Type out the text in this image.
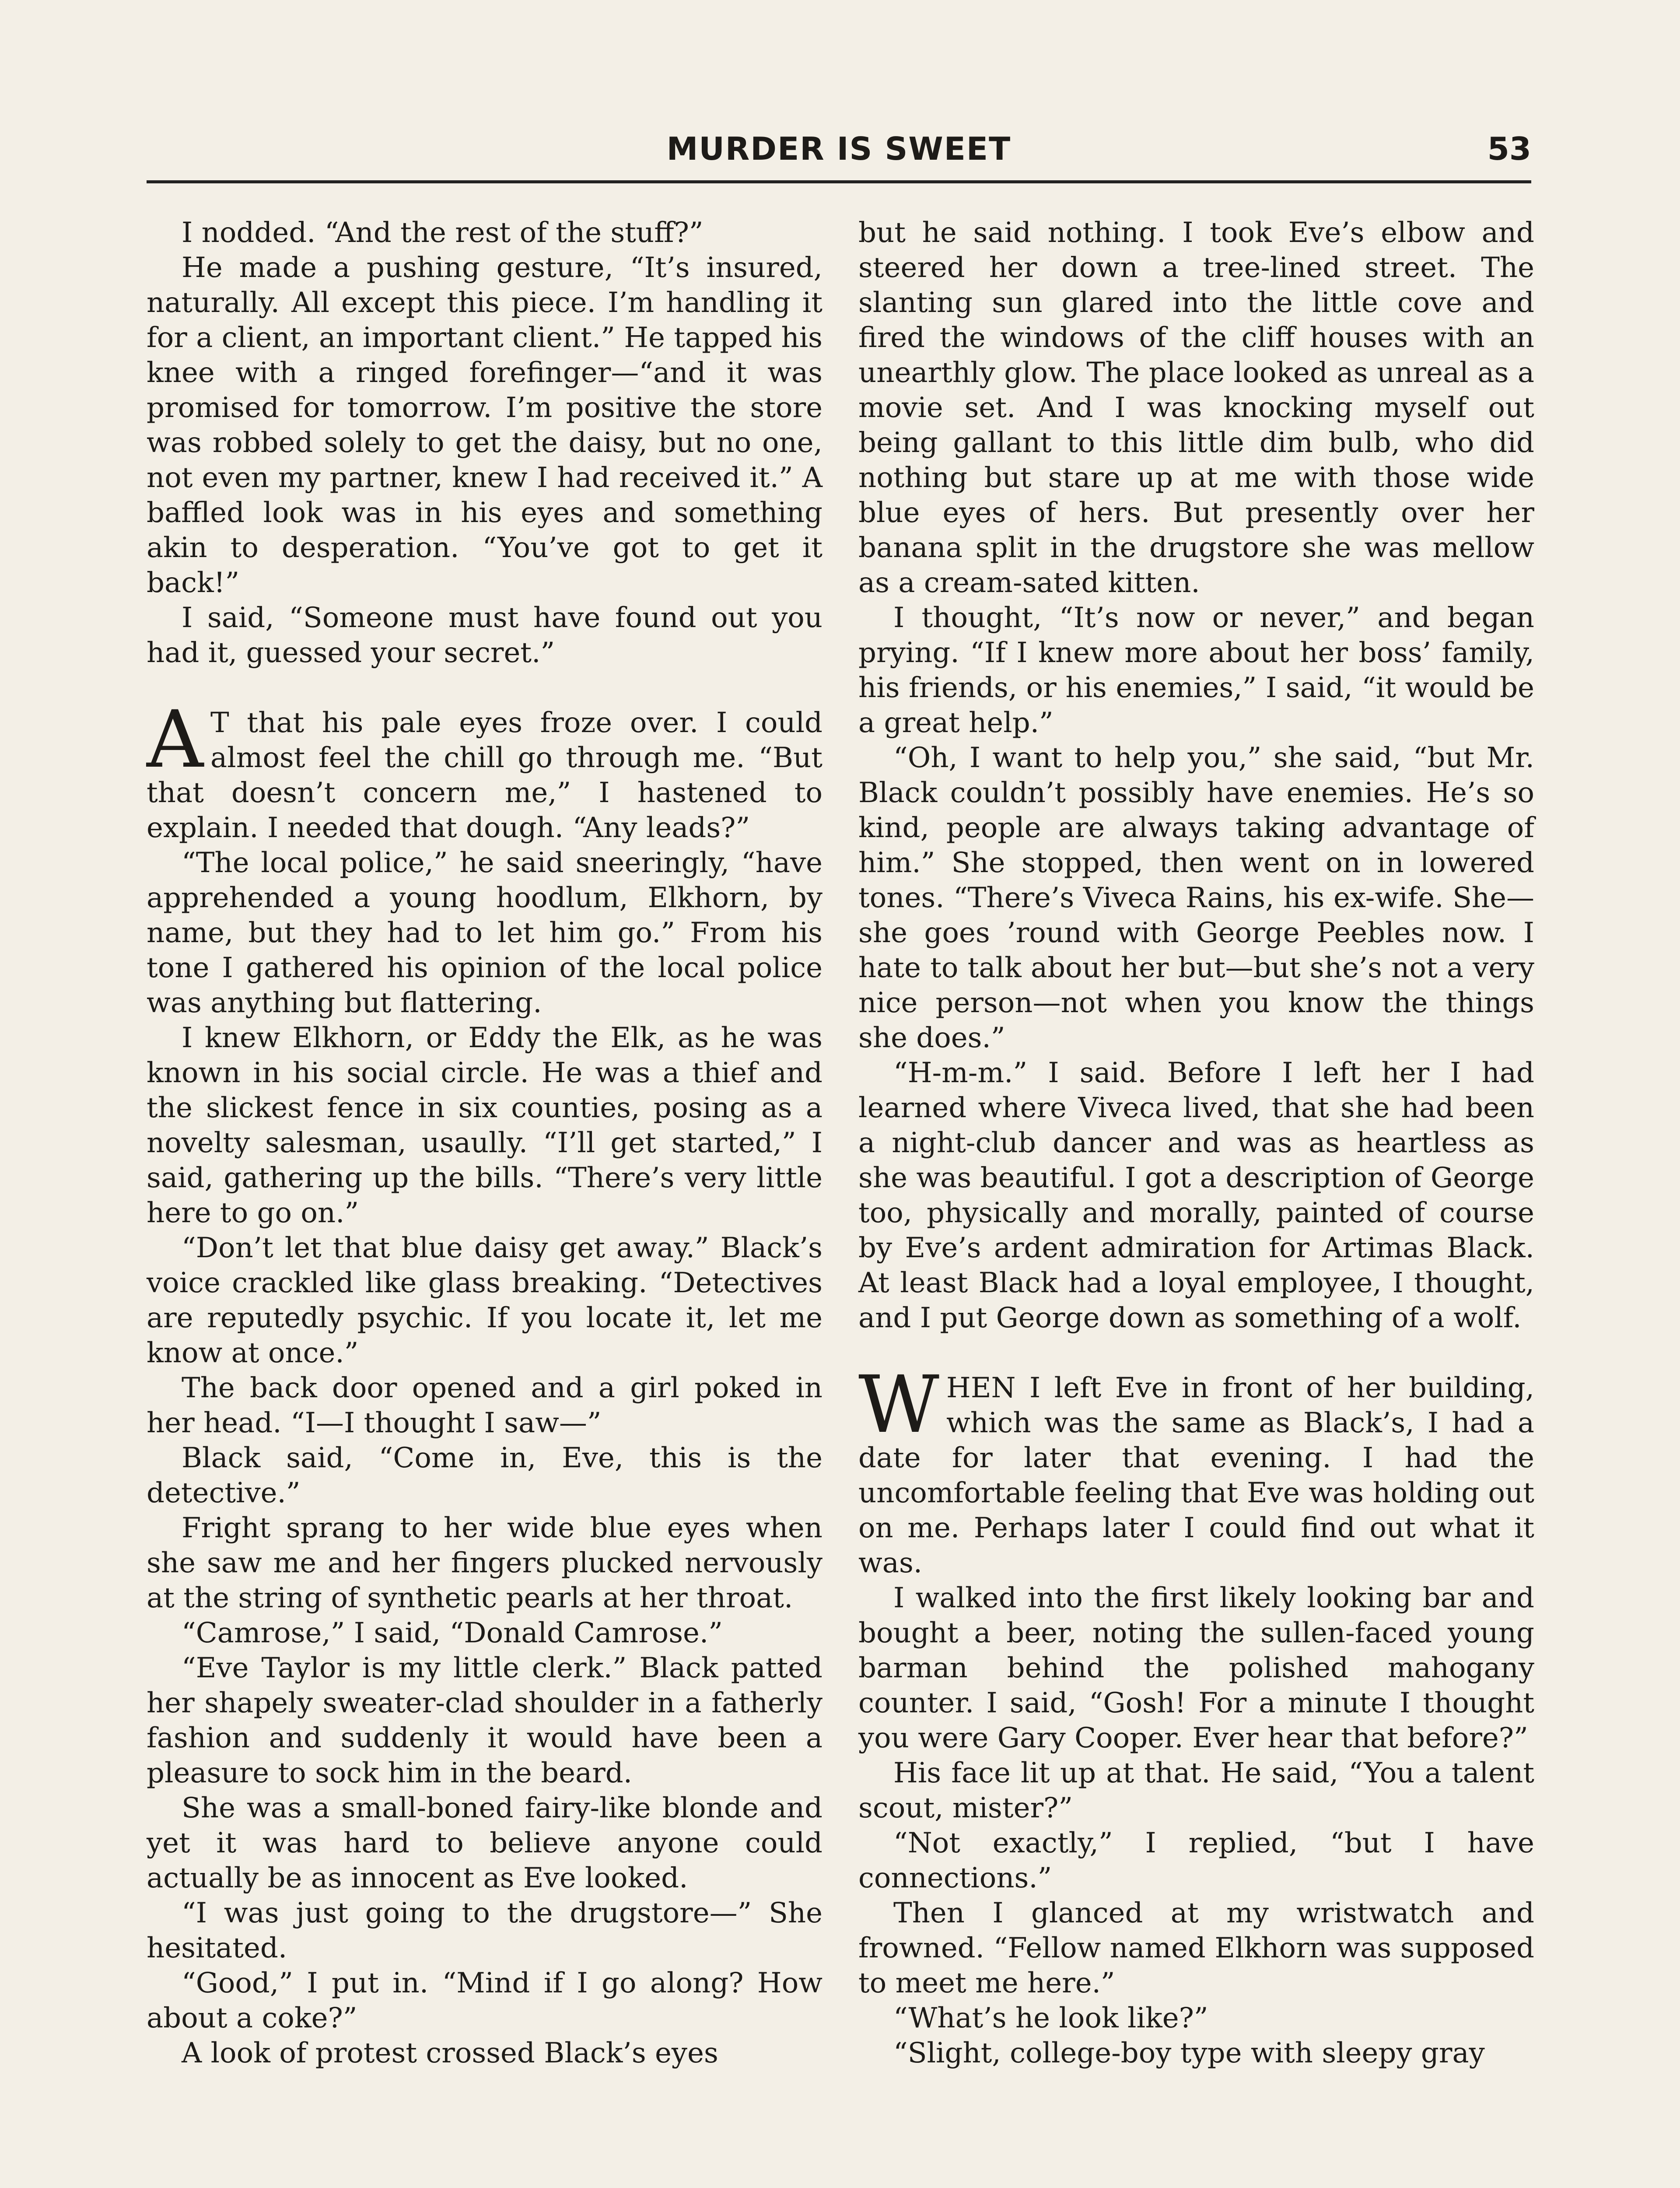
MURDER IS SWEET	53

I nodded. “And the rest of the stuff?”

He made a pushing gesture, “It’s insured, naturally. All except this piece. I’m handling it for a client, an important client.” He tapped his knee with a ringed forefinger—“and it was promised for tomorrow. I’m positive the store was robbed solely to get the daisy, but no one, not even my partner, knew I had received it.” A baffled look was in his eyes and something akin to desperation. “You’ve got to get it back!”

I said, “Someone must have found out you had it, guessed your secret.”

A T that his pale eyes froze over. I could almost feel the chill go through me. “But that doesn’t concern me,” I hastened to explain. I needed that dough. “Any leads?”

“The local police,” he said sneeringly, “have apprehended a young hoodlum, Elkhorn, by name, but they had to let him go.” From his tone I gathered his opinion of the local police was anything but flattering.

I knew Elkhorn, or Eddy the Elk, as he was known in his social circle. He was a thief and the slickest fence in six counties, posing as a novelty salesman, usaully. “I’ll get started,” I said, gathering up the bills. “There’s very little here to go on.”

“Don’t let that blue daisy get away.” Black’s voice crackled like glass breaking. “Detectives are reputedly psychic. If you locate it, let me know at once.”

The back door opened and a girl poked in her head. “I—I thought I saw—”

Black said, “Come in, Eve, this is the detective.”

Fright sprang to her wide blue eyes when she saw me and her fingers plucked nervously at the string of synthetic pearls at her throat.

“Camrose,” I said, “Donald Camrose.”

“Eve Taylor is my little clerk.” Black patted her shapely sweater-clad shoulder in a fatherly fashion and suddenly it would have been a pleasure to sock him in the beard.

She was a small-boned fairy-like blonde and yet it was hard to believe anyone could actually be as innocent as Eve looked.

“I was just going to the drugstore—” She hesitated.

“Good,” I put in. “Mind if I go along? How about a coke?”

A look of protest crossed Black’s eyes

but he said nothing. I took Eve’s elbow and steered her down a tree-lined street. The slanting sun glared into the little cove and fired the windows of the cliff houses with an unearthly glow. The place looked as unreal as a movie set. And I was knocking myself out being gallant to this little dim bulb, who did nothing but stare up at me with those wide blue eyes of hers. But presently over her banana split in the drugstore she was mellow as a cream-sated kitten.

I thought, “It’s now or never,” and began prying. “If I knew more about her boss’ family, his friends, or his enemies,” I said, “it would be a great help.”

“Oh, I want to help you,” she said, “but Mr. Black couldn’t possibly have enemies. He’s so kind, people are always taking advantage of him.” She stopped, then went on in lowered tones. “There’s Viveca Rains, his ex-wife. She—she goes ’round with George Peebles now. I hate to talk about her but—but she’s not a very nice person—not when you know the things she does.”

“H-m-m.” I said. Before I left her I had learned where Viveca lived, that she had been a night-club dancer and was as heartless as she was beautiful. I got a description of George too, physically and morally, painted of course by Eve’s ardent admiration for Artimas Black. At least Black had a loyal employee, I thought, and I put George down as something of a wolf.

WHEN I left Eve in front of her building, which was the same as Black’s, I had a date for later that evening. I had the uncomfortable feeling that Eve was holding out on me. Perhaps later I could find out what it was.

I walked into the first likely looking bar and bought a beer, noting the sullen-faced young barman behind the polished mahogany counter. I said, “Gosh! For a minute I thought you were Gary Cooper. Ever hear that before?”

His face lit up at that. He said, “You a talent scout, mister?”

“Not exactly,” I replied, “but I have connections.”

Then I glanced at my wristwatch and frowned. “Fellow named Elkhorn was supposed to meet me here.”

“What’s he look like?”

“Slight, college-boy type with sleepy gray
